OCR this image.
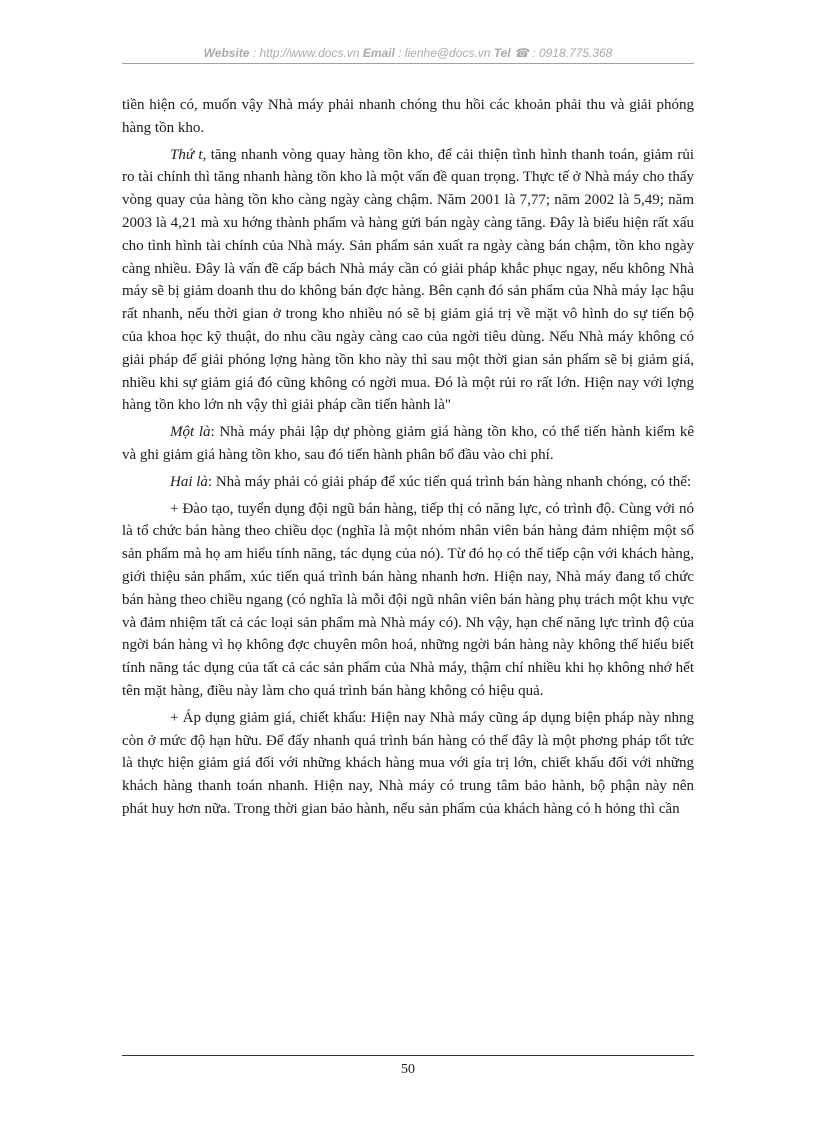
Website : http://www.docs.vn Email : lienhe@docs.vn Tel ☎ : 0918.775.368

tiền hiện có, muốn vậy Nhà máy phải nhanh chóng thu hồi các khoản phải thu và giải phóng hàng tồn kho.

Thứ t, tăng nhanh vòng quay hàng tồn kho, để cải thiện tình hình thanh toán, giảm rủi ro tài chính thì tăng nhanh hàng tồn kho là một vấn đề quan trọng. Thực tế ở Nhà máy cho thấy vòng quay của hàng tồn kho càng ngày càng chậm. Năm 2001 là 7,77; năm 2002 là 5,49; năm 2003 là 4,21 mà xu hớng thành phẩm và hàng gửi bán ngày càng tăng. Đây là biểu hiện rất xấu cho tình hình tài chính của Nhà máy. Sản phẩm sản xuất ra ngày càng bán chậm, tồn kho ngày càng nhiều. Đây là vấn đề cấp bách Nhà máy cần có giải pháp khắc phục ngay, nếu không Nhà máy sẽ bị giảm doanh thu do không bán đợc hàng. Bên cạnh đó sản phẩm của Nhà máy lạc hậu rất nhanh, nếu thời gian ở trong kho nhiều nó sẽ bị giảm giá trị về mặt vô hình do sự tiến bộ của khoa học kỹ thuật, do nhu cầu ngày càng cao của ngời tiêu dùng. Nếu Nhà máy không có giải pháp để giải phóng lợng hàng tồn kho này thì sau một thời gian sản phẩm sẽ bị giảm giá, nhiều khi sự giảm giá đó cũng không có ngời mua. Đó là một rủi ro rất lớn. Hiện nay với lợng hàng tồn kho lớn nh vậy thì giải pháp cần tiến hành là"

Một là: Nhà máy phải lập dự phòng giảm giá hàng tồn kho, có thể tiến hành kiểm kê và ghi giảm giá hàng tồn kho, sau đó tiến hành phân bổ đầu vào chi phí.

Hai là: Nhà máy phải có giải pháp để xúc tiến quá trình bán hàng nhanh chóng, có thể:

+ Đào tạo, tuyển dụng đội ngũ bán hàng, tiếp thị có năng lực, có trình độ. Cùng với nó là tổ chức bán hàng theo chiều dọc (nghĩa là một nhóm nhân viên bán hàng đảm nhiệm một số sản phẩm mà họ am hiểu tính năng, tác dụng của nó). Từ đó họ có thể tiếp cận với khách hàng, giới thiệu sản phẩm, xúc tiến quá trình bán hàng nhanh hơn. Hiện nay, Nhà máy đang tổ chức bán hàng theo chiều ngang (có nghĩa là mỗi đội ngũ nhân viên bán hàng phụ trách một khu vực và đảm nhiệm tất cả các loại sản phẩm mà Nhà máy có). Nh vậy, hạn chế năng lực trình độ của ngời bán hàng vì họ không đợc chuyên môn hoá, những ngời bán hàng này không thể hiểu biết tính năng tác dụng của tất cả các sản phẩm của Nhà máy, thậm chí nhiều khi họ không nhớ hết tên mặt hàng, điều này làm cho quá trình bán hàng không có hiệu quả.

+ Áp dụng giảm giá, chiết khấu: Hiện nay Nhà máy cũng áp dụng biện pháp này nhng còn ở mức độ hạn hữu. Để đẩy nhanh quá trình bán hàng có thể đây là một phơng pháp tốt tức là thực hiện giảm giá đối với những khách hàng mua với gía trị lớn, chiết khấu đối với những khách hàng thanh toán nhanh. Hiện nay, Nhà máy có trung tâm bảo hành, bộ phận này nên phát huy hơn nữa. Trong thời gian bảo hành, nếu sản phẩm của khách hàng có h hỏng thì cần

50
